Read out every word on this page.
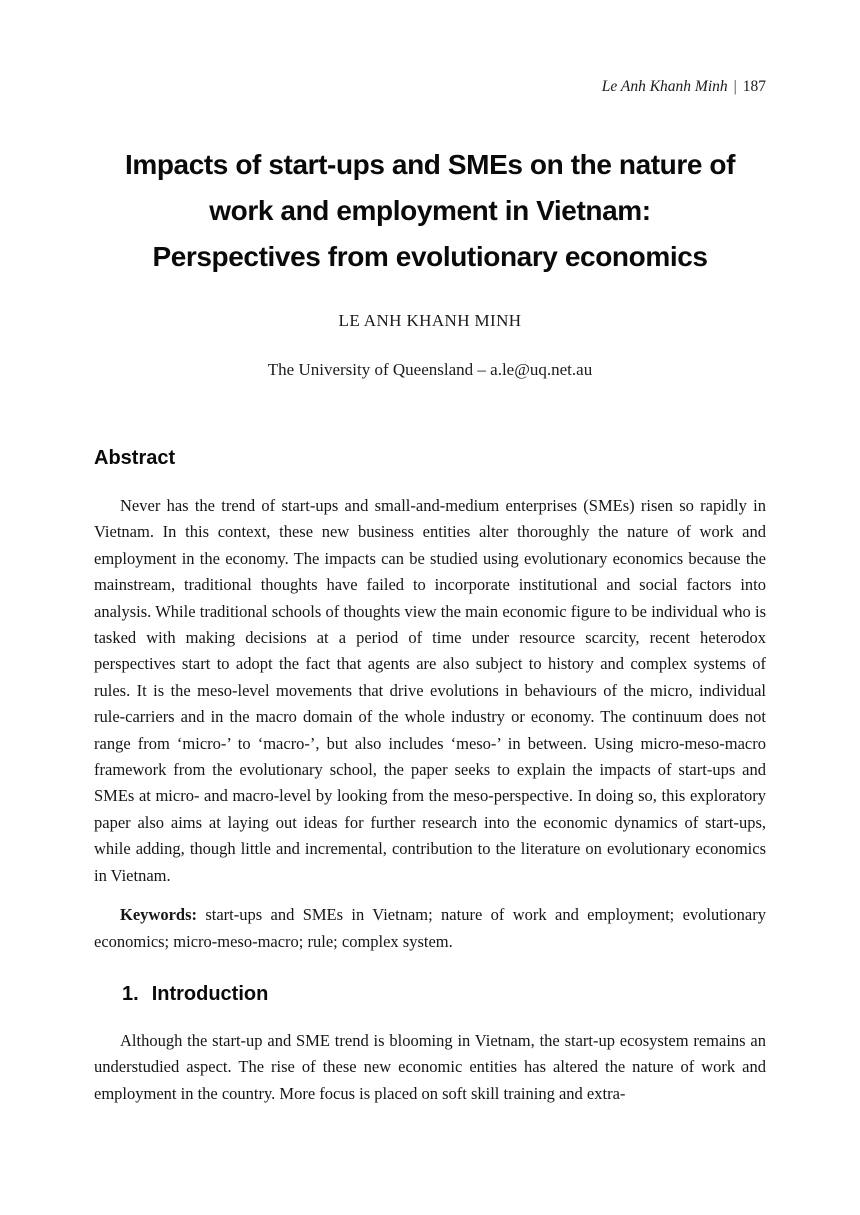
Le Anh Khanh Minh | 187
Impacts of start-ups and SMEs on the nature of
work and employment in Vietnam:
Perspectives from evolutionary economics
LE ANH KHANH MINH
The University of Queensland – a.le@uq.net.au
Abstract

Never has the trend of start-ups and small-and-medium enterprises (SMEs) risen so rapidly in Vietnam. In this context, these new business entities alter thoroughly the nature of work and employment in the economy. The impacts can be studied using evolutionary economics because the mainstream, traditional thoughts have failed to incorporate institutional and social factors into analysis. While traditional schools of thoughts view the main economic figure to be individual who is tasked with making decisions at a period of time under resource scarcity, recent heterodox perspectives start to adopt the fact that agents are also subject to history and complex systems of rules. It is the meso-level movements that drive evolutions in behaviours of the micro, individual rule-carriers and in the macro domain of the whole industry or economy. The continuum does not range from ‘micro-’ to ‘macro-’, but also includes ‘meso-’ in between. Using micro-meso-macro framework from the evolutionary school, the paper seeks to explain the impacts of start-ups and SMEs at micro- and macro-level by looking from the meso-perspective. In doing so, this exploratory paper also aims at laying out ideas for further research into the economic dynamics of start-ups, while adding, though little and incremental, contribution to the literature on evolutionary economics in Vietnam.

Keywords: start-ups and SMEs in Vietnam; nature of work and employment; evolutionary economics; micro-meso-macro; rule; complex system.

1. Introduction

Although the start-up and SME trend is blooming in Vietnam, the start-up ecosystem remains an understudied aspect. The rise of these new economic entities has altered the nature of work and employment in the country. More focus is placed on soft skill training and extra-
